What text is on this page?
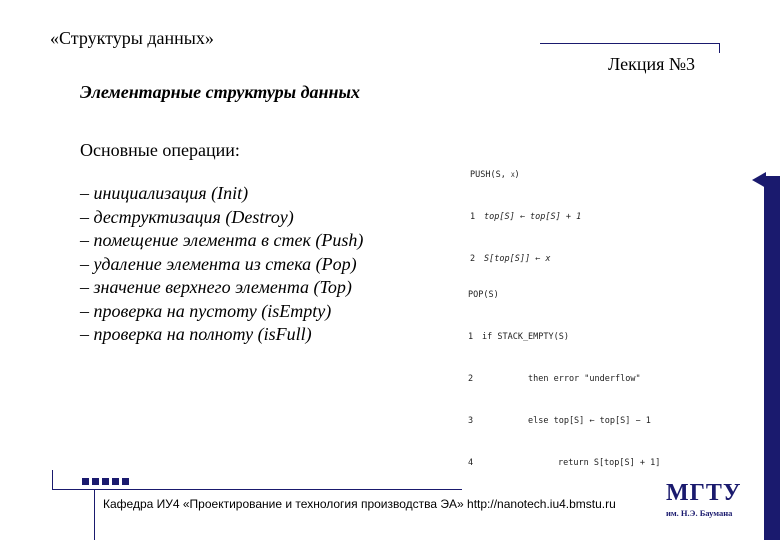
«Структуры данных»
Лекция №3
Элементарные структуры данных
Основные операции:
– инициализация (Init)
– деструктизация (Destroy)
– помещение элемента в стек (Push)
– удаление элемента из стека (Pop)
– значение верхнего элемента (Top)
– проверка на пустоту (isEmpty)
– проверка на полноту (isFull)

PUSH(S, x)

1 top[S] ← top[S] + 1

2 S[top[S]] ← x

POP(S)

1 if STACK_EMPTY(S)

2	then error "underflow"

3	else top[S] ← top[S] − 1

4	return S[top[S] + 1]

Кафедра ИУ4 «Проектирование и технология производства ЭА» http://nanotech.iu4.bmstu.ru МГТУ
им. Н.Э. Баумана
